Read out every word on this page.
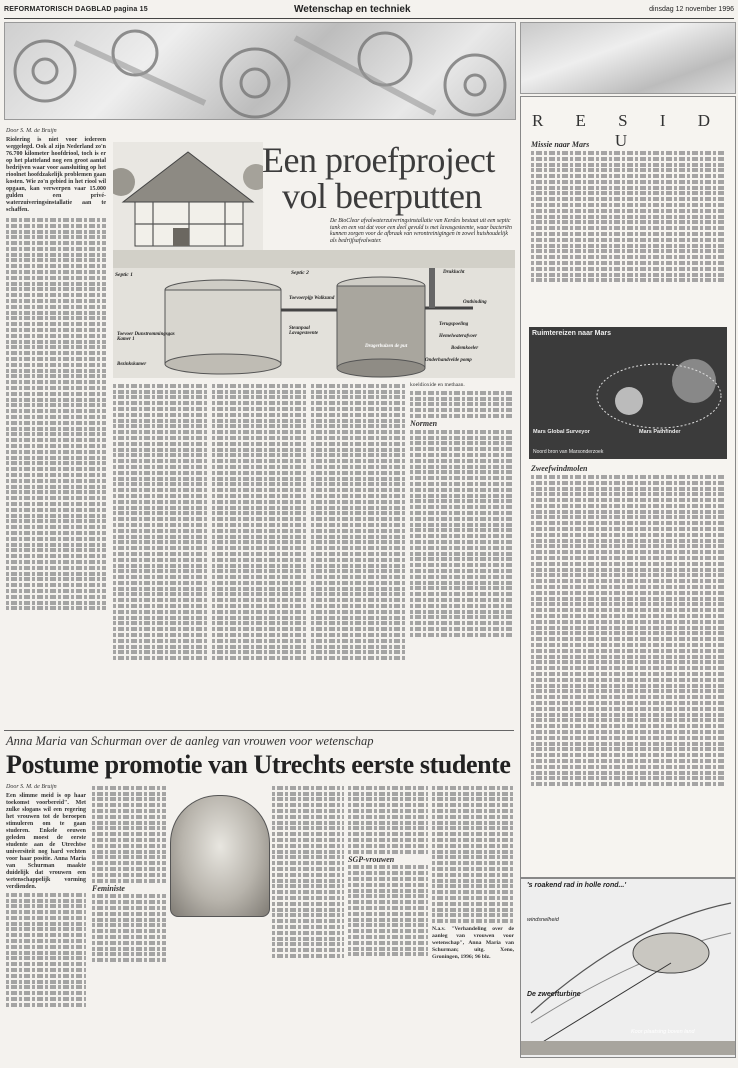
REFORMATORISCH DAGBLAD pagina 15	Wetenschap en techniek	dinsdag 12 november 1996
Door S. M. de Bruijn
Riolering is niet voor iedereen weggelegd. Ook al zijn Nederland zo'n 76.700 kilometer hoofdriool, toch is er op het platteland nog een groot aantal bedrijven waar voor aansluiting op het rioolnet hoofdzakelijk problemen gaan kosten. Wie zo'n gebied in het riool wil opgaan, kan verwerpen vaar 15.000 gulden een privé-waterzuiveringsinstallatie aan te schaffen.
Een proefproject
vol beerputten
De BioClear afvalwaterzuiveringsinstallatie van Kerdes bestaat uit een septic tank en een vat dat voor een deel gevuld is met lavasgesteente, waar bacteriën kunnen zorgen voor de afbraak van verontreinigingen in zowel huishoudelijk als bedrijfsafvalwater.
Septic 1
Toevoer Dunstrommingsgas Kamer 1
Bezinkskamer
Septic 2
Toevoerpijp Walkzand
Steunpaal Lavagesteente
Druklucht
Ontbinding
Terugspoeling
Hemelwaterafvoer
Bodemkoeler
Onderhandvelde pomp
Dragerbuizen de put
koeldioxide en methaan.
Normen
R E S I D U
Missie naar Mars
Ruimtereizen naar Mars
Mars Global Surveyor	Mars Pathfinder
Noord bron van Marsonderzoek
Zweefwindmolen
's roakend rad in holle rond...'
windsnelheid
De zweefturbine
Koor plaatsing boven land
Anna Maria van Schurman over de aanleg van vrouwen voor wetenschap
Postume promotie van Utrechts eerste studente
Door S. M. de Bruijn
Een slimme meid is op haar toekomst voorbereid". Met zulke slogans wil een regering het vrouwen tot de beroepen stimuleren om te gaan studeren. Enkele eeuwen geleden moest de eerste studente aan de Utrechtse universiteit nog hard vechten voor haar positie. Anna Maria van Schurman maakte duidelijk dat vrouwen een wetenschappelijk vorming verdienden.	Feministe
SGP-vrouwen
N.a.v. "Verhandeling over de aanleg van vrouwen voor wetenschap", Anna Maria van Schurman; uitg. Xeno, Groningen, 1996; 96 blz.
